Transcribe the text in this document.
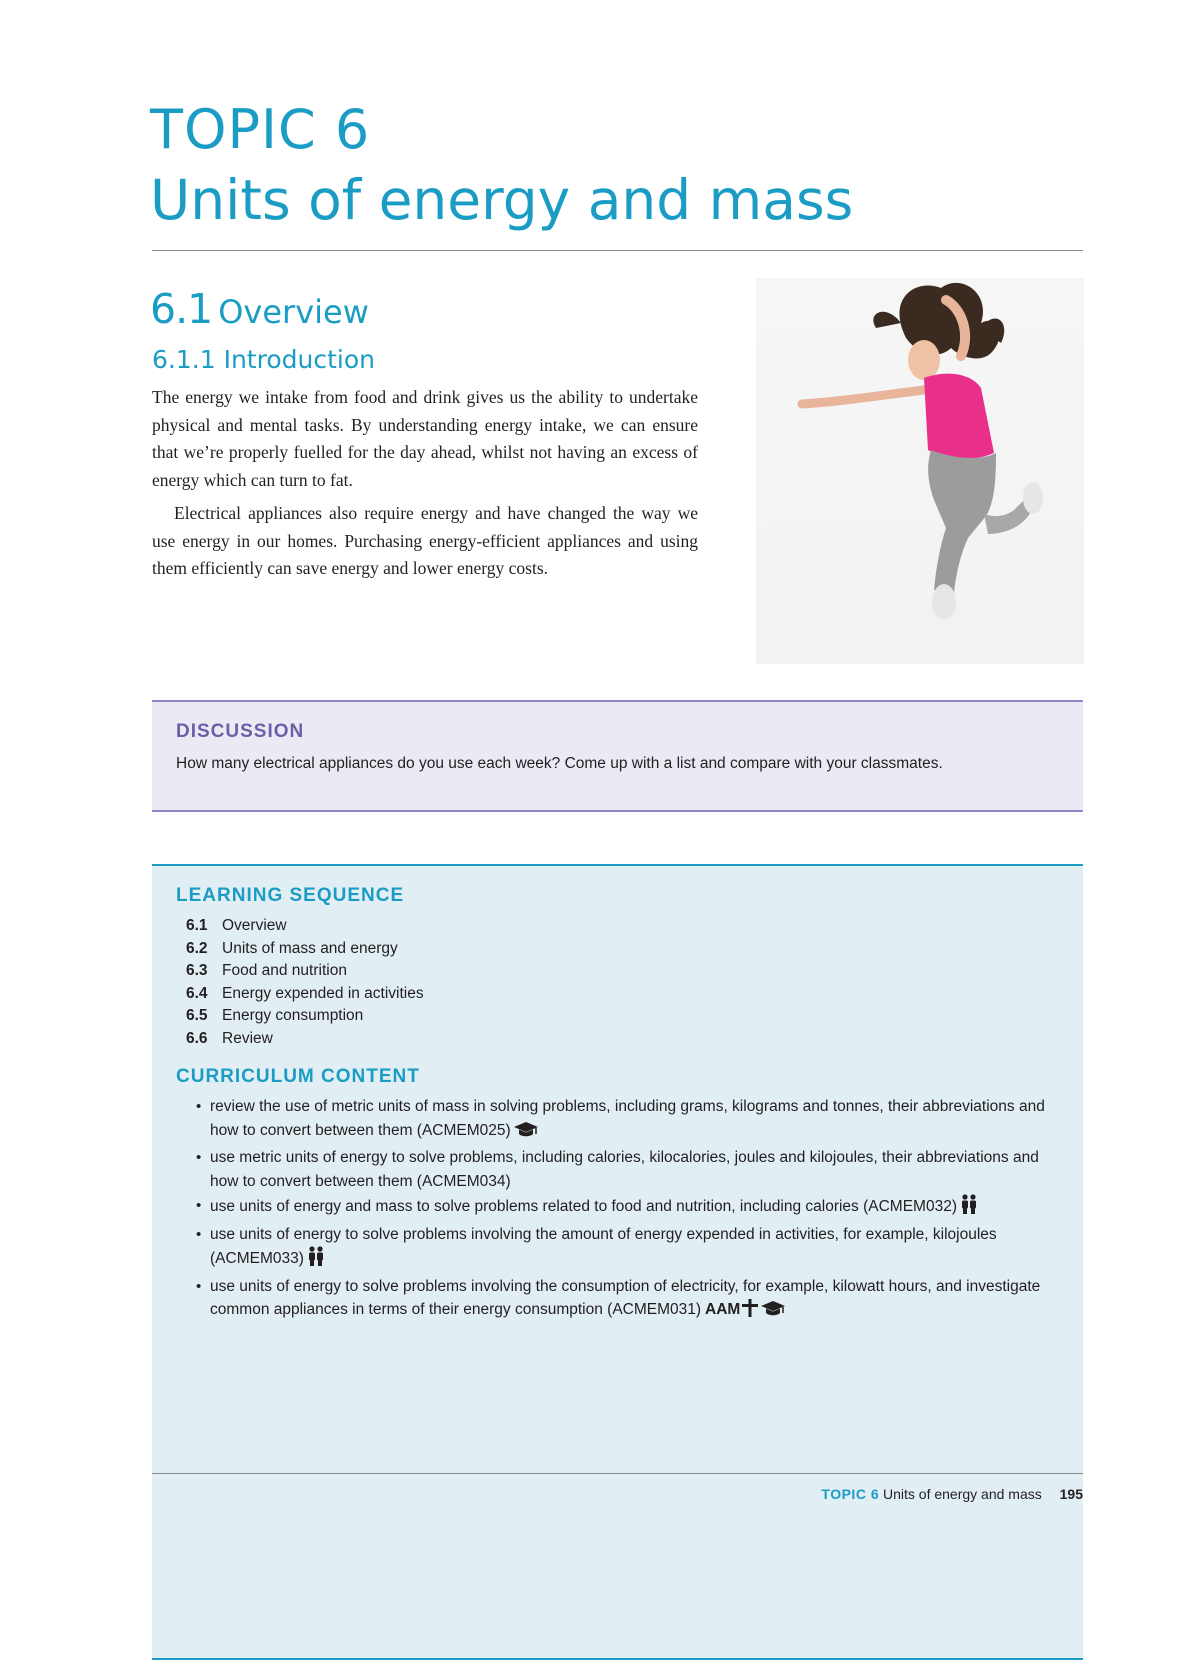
TOPIC 6
Units of energy and mass
6.1 Overview
6.1.1 Introduction

The energy we intake from food and drink gives us the ability to undertake physical and mental tasks. By understanding energy intake, we can ensure that we’re properly fuelled for the day ahead, whilst not having an excess of energy which can turn to fat.

Electrical appliances also require energy and have changed the way we use energy in our homes. Purchasing energy-efficient appliances and using them efficiently can save energy and lower energy costs.

DISCUSSION

How many electrical appliances do you use each week? Come up with a list and compare with your classmates.

LEARNING SEQUENCE
6.1 Overview
6.2 Units of mass and energy
6.3 Food and nutrition
6.4 Energy expended in activities
6.5 Energy consumption
6.6 Review
CURRICULUM CONTENT
• review the use of metric units of mass in solving problems, including grams, kilograms and tonnes, their abbreviations and how to convert between them (ACMEM025)
• use metric units of energy to solve problems, including calories, kilocalories, joules and kilojoules, their abbreviations and how to convert between them (ACMEM034)
• use units of energy and mass to solve problems related to food and nutrition, including calories (ACMEM032)
• use units of energy to solve problems involving the amount of energy expended in activities, for example, kilojoules (ACMEM033)
• use units of energy to solve problems involving the consumption of electricity, for example, kilowatt hours, and investigate common appliances in terms of their energy consumption (ACMEM031) AAM
TOPIC 6 Units of energy and mass 195
